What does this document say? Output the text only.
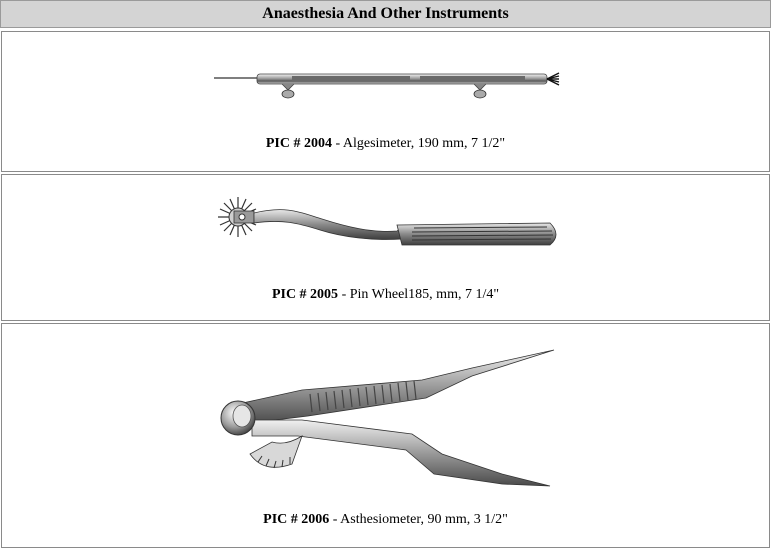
Anaesthesia And Other Instruments
PIC # 2004 - Algesimeter, 190 mm, 7 1/2"
PIC # 2005 - Pin Wheel185, mm, 7 1/4"
PIC # 2006 - Asthesiometer, 90 mm, 3 1/2"
